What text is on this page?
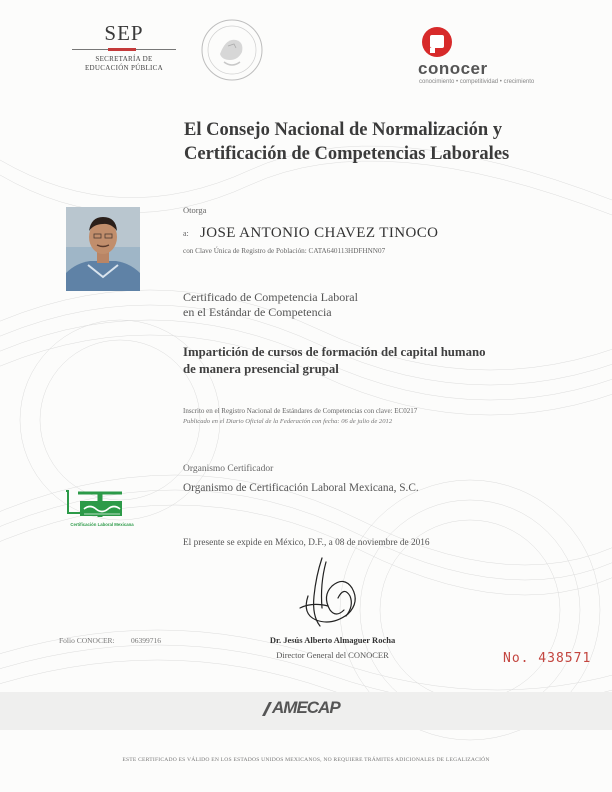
SEP
SECRETARÍA DE
EDUCACIÓN PÚBLICA	conocer
conocimiento • competitividad • crecimiento
El Consejo Nacional de Normalización y
Certificación de Competencias Laborales
Otorga
a: JOSE ANTONIO CHAVEZ TINOCO
con Clave Única de Registro de Población: CATA640113HDFHNN07
Certificado de Competencia Laboral
en el Estándar de Competencia
Impartición de cursos de formación del capital humano
de manera presencial grupal
Inscrito en el Registro Nacional de Estándares de Competencias con clave: EC0217
Publicado en el Diario Oficial de la Federación con fecha: 06 de julio de 2012
Organismo Certificador
Organismo de Certificación Laboral Mexicana, S.C.
Certificación Laboral Mexicana
El presente se expide en México, D.F., a 08 de noviembre de 2016
Dr. Jesús Alberto Almaguer Rocha
Director General del CONOCER
Folio CONOCER: 06399716
No. 438571
AMECAP
ESTE CERTIFICADO ES VÁLIDO EN LOS ESTADOS UNIDOS MEXICANOS, NO REQUIERE TRÁMITES ADICIONALES DE LEGALIZACIÓN
